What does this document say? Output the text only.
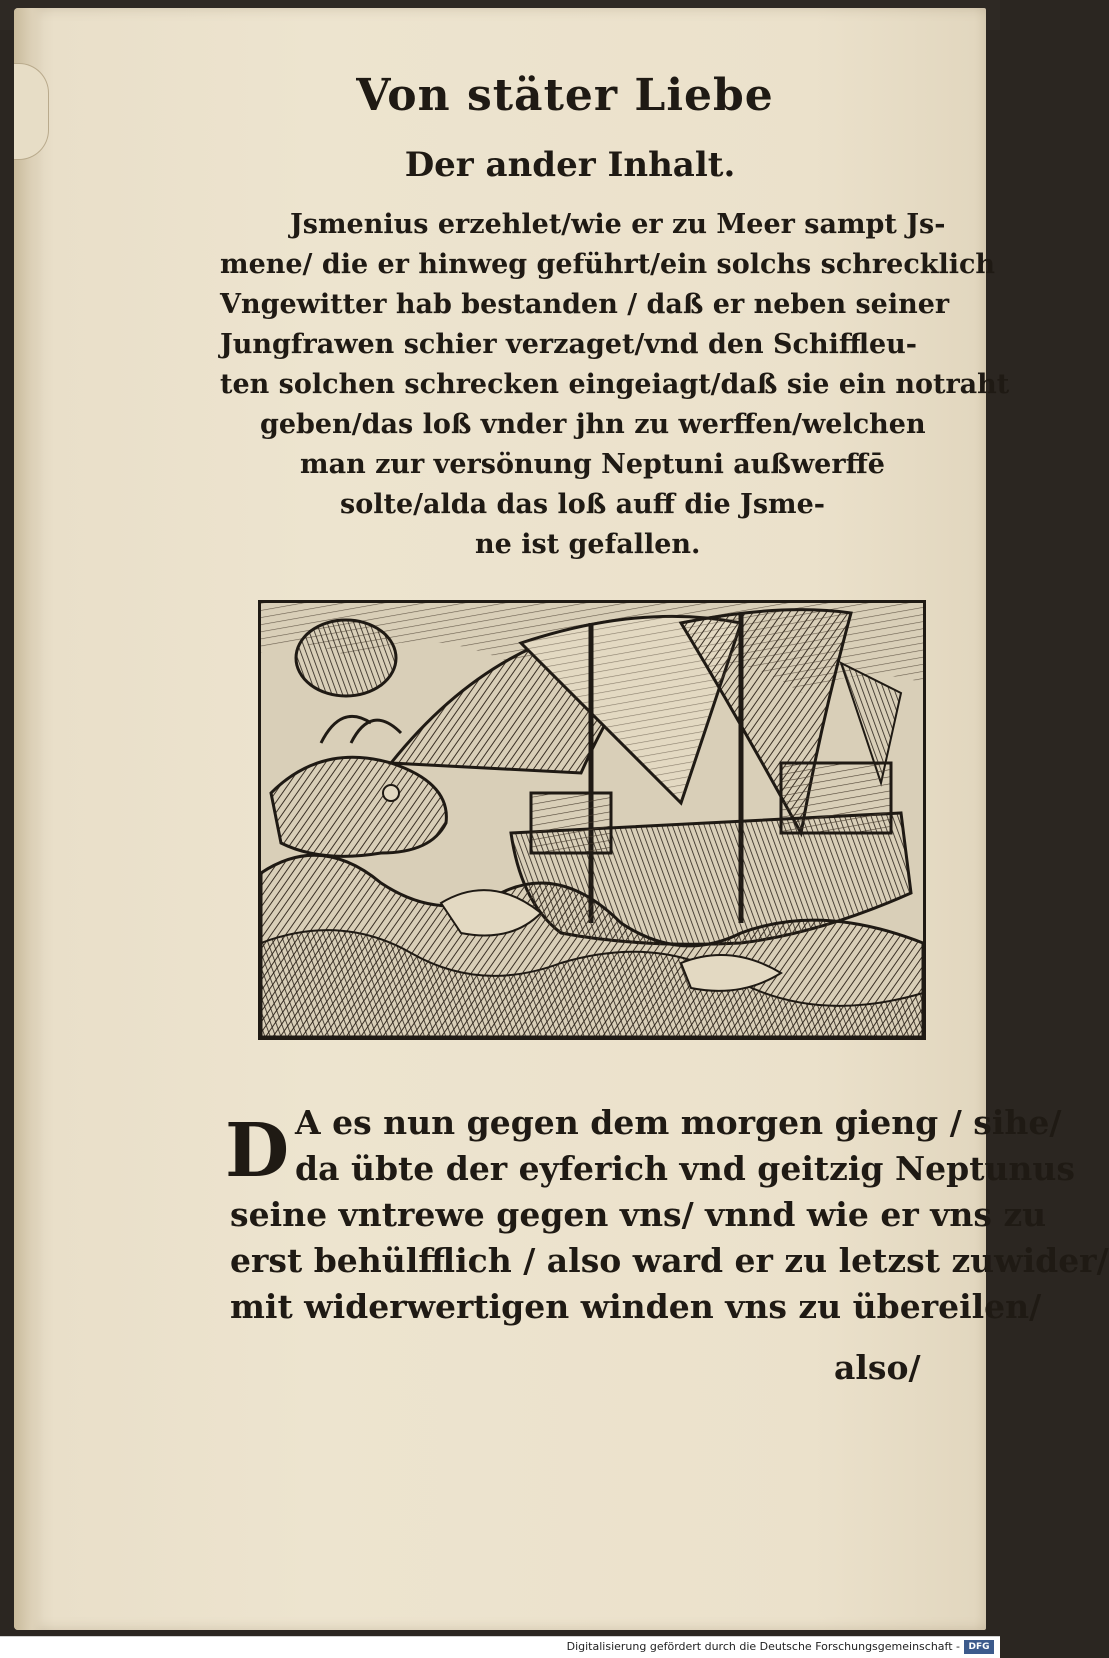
Von stäter Liebe
Der ander Inhalt.
Jsmenius erzehlet/wie er zu Meer sampt Js-
mene/ die er hinweg geführt/ein solchs schrecklich
Vngewitter hab bestanden / daß er neben seiner
Jungfrawen schier verzaget/vnd den Schiffleu-
ten solchen schrecken eingeiagt/daß sie ein notraht
geben/das loß vnder jhn zu werffen/welchen
man zur versönung Neptuni außwerffē
solte/alda das loß auff die Jsme-
ne ist gefallen.
D A es nun gegen dem morgen gieng / sihe/
da übte der eyferich vnd geitzig Neptunus
seine vntrewe gegen vns/ vnnd wie er vns zu
erst behülfflich / also ward er zu letzst zuwider/
mit widerwertigen winden vns zu übereilen/
also/
Digitalisierung gefördert durch die Deutsche Forschungsgemeinschaft - DFG
